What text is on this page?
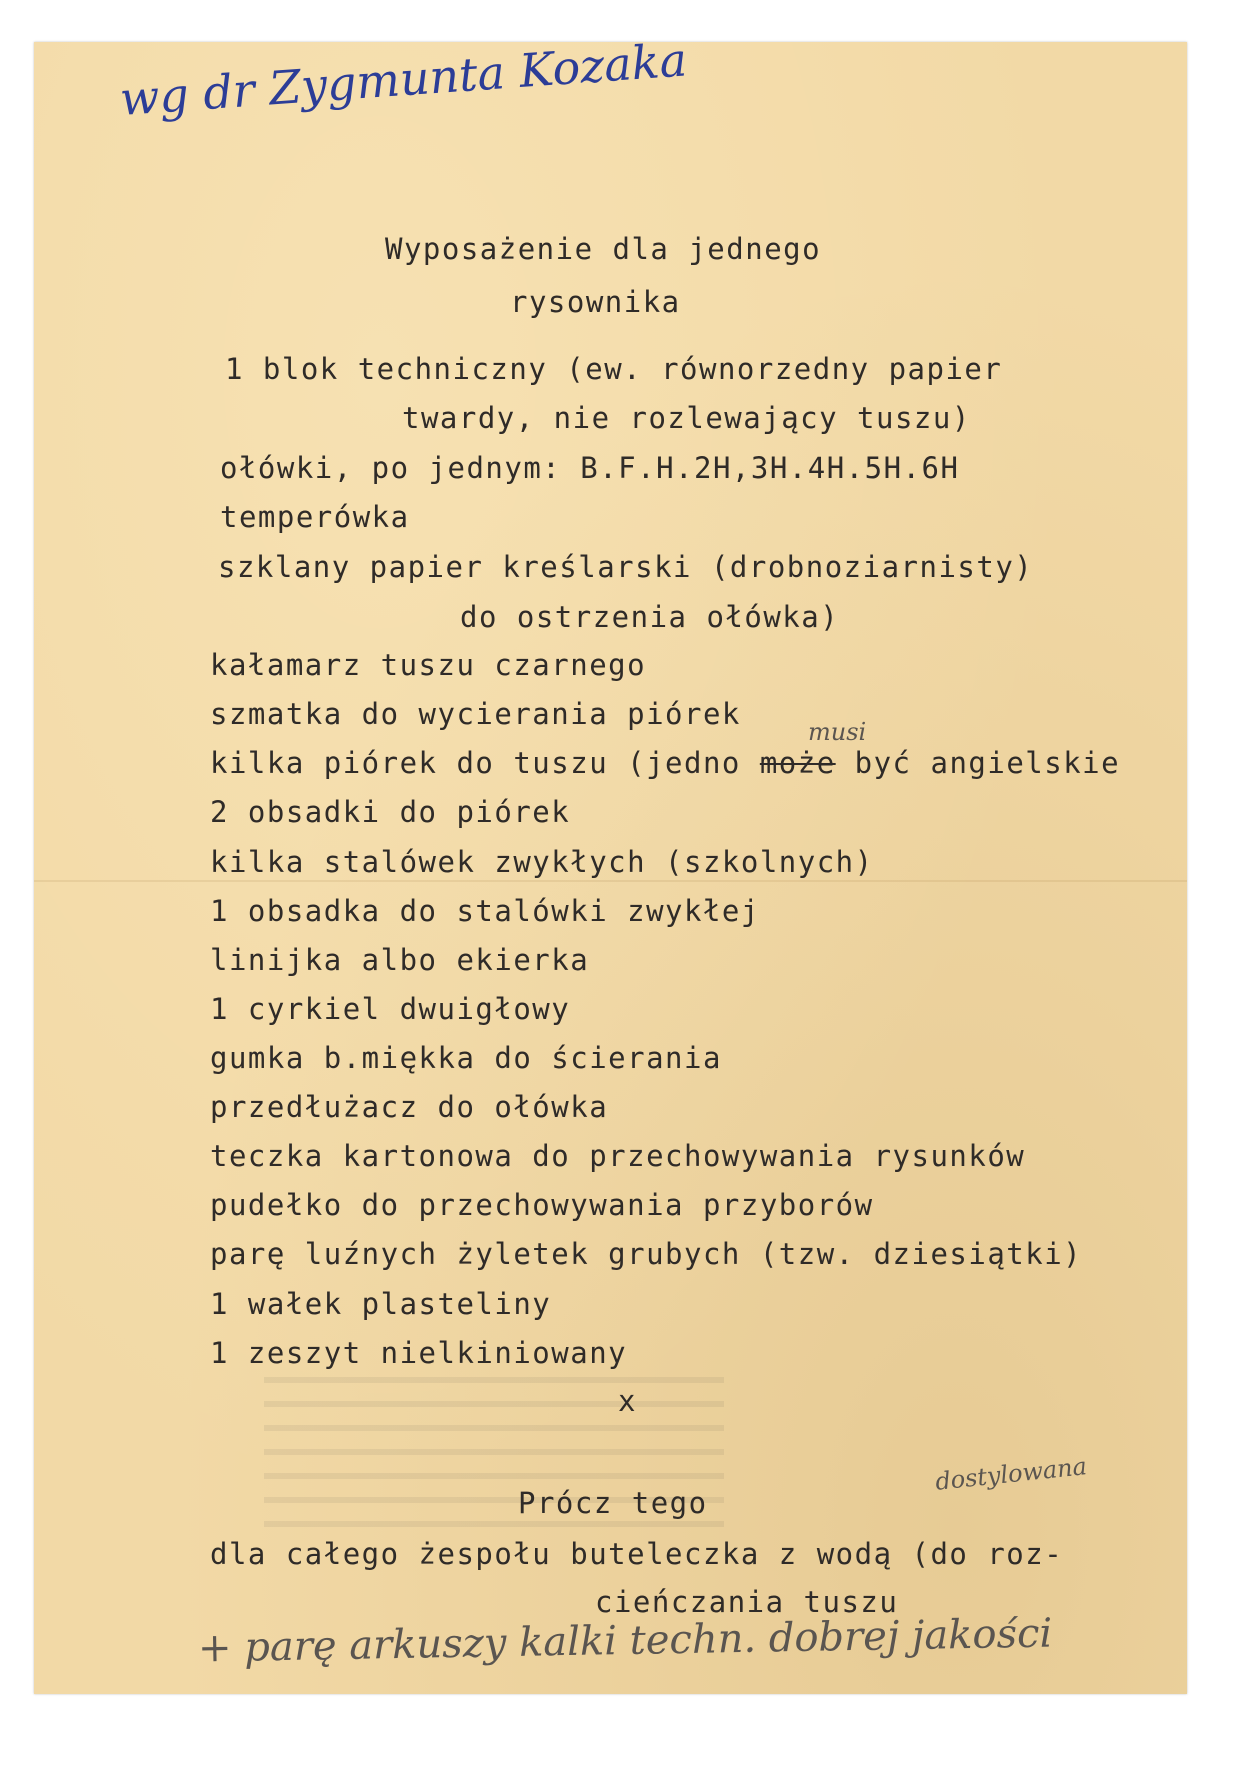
wg dr Zygmunta Kozaka
Wyposażenie dla jednego
rysownika
1 blok techniczny (ew. równorzedny papier
twardy, nie rozlewający tuszu)
ołówki, po jednym: B.F.H.2H,3H.4H.5H.6H
temperówka
szklany papier kreślarski (drobnoziarnisty)
do ostrzenia ołówka)
kałamarz tuszu czarnego
szmatka do wycierania piórek
kilka piórek do tuszu (jedno może być angielskie
musi
2 obsadki do piórek
kilka stalówek zwykłych (szkolnych)
1 obsadka do stalówki zwykłej
linijka albo ekierka
1 cyrkiel dwuigłowy
gumka b.miękka do ścierania
przedłużacz do ołówka
teczka kartonowa do przechowywania rysunków
pudełko do przechowywania przyborów
parę luźnych żyletek grubych (tzw. dziesiątki)
1 wałek plasteliny
1 zeszyt nielkiniowany
x
Prócz tego
dostylowana
dla całego żespołu buteleczka z wodą (do roz-
cieńczania tuszu
+ parę arkuszy kalki techn. dobrej jakości
